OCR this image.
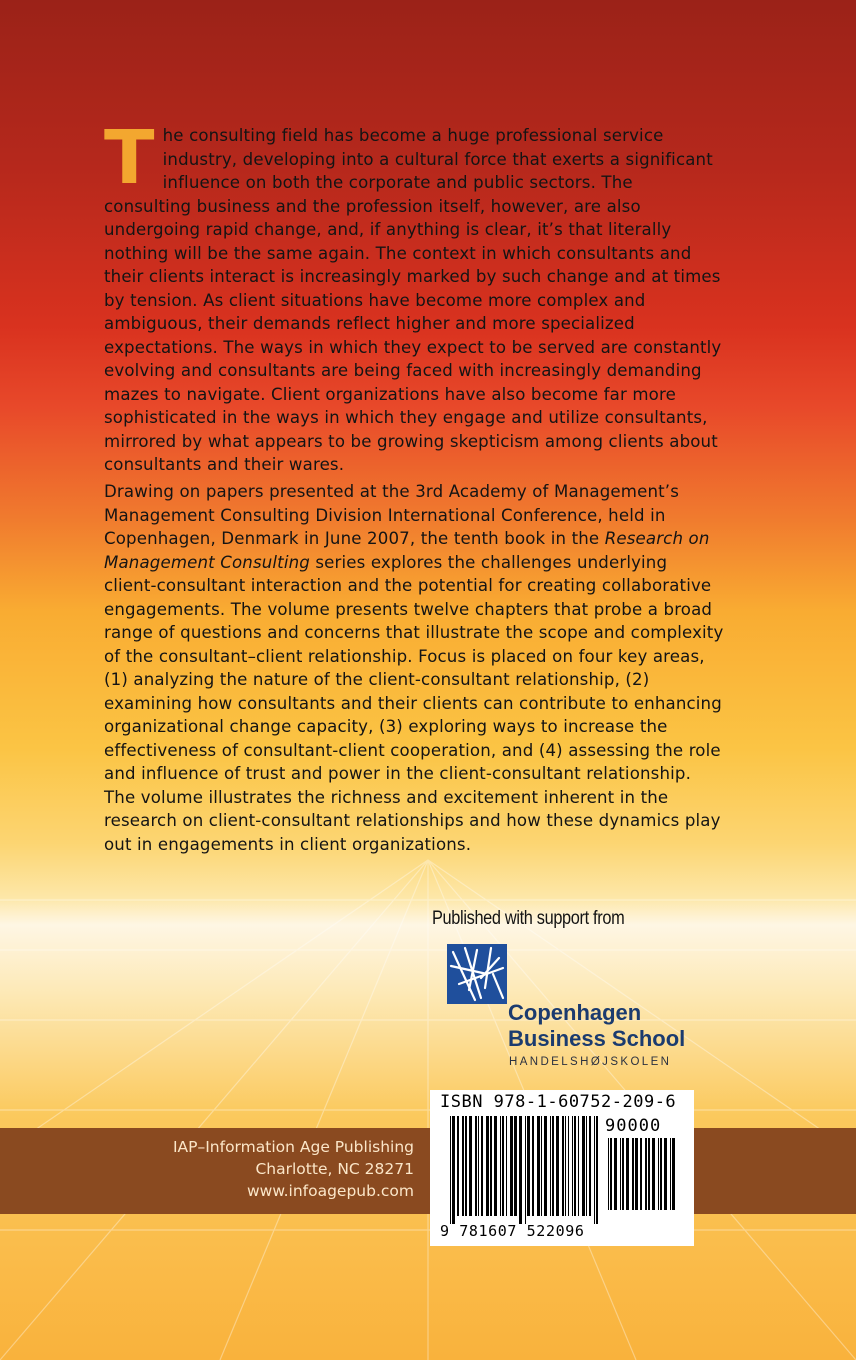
The consulting field has become a huge professional service industry, developing into a cultural force that exerts a significant influence on both the corporate and public sectors. The consulting business and the profession itself, however, are also undergoing rapid change, and, if anything is clear, it’s that literally nothing will be the same again. The context in which consultants and their clients interact is increasingly marked by such change and at times by tension. As client situations have become more complex and ambiguous, their demands reflect higher and more specialized expectations. The ways in which they expect to be served are constantly evolving and consultants are being faced with increasingly demanding mazes to navigate. Client organizations have also become far more sophisticated in the ways in which they engage and utilize consultants, mirrored by what appears to be growing skepticism among clients about consultants and their wares.
Drawing on papers presented at the 3rd Academy of Management’s Management Consulting Division International Conference, held in Copenhagen, Denmark in June 2007, the tenth book in the Research on Management Consulting series explores the challenges underlying client-consultant interaction and the potential for creating collaborative engagements. The volume presents twelve chapters that probe a broad range of questions and concerns that illustrate the scope and complexity of the consultant–client relationship. Focus is placed on four key areas, (1) analyzing the nature of the client-consultant relationship, (2) examining how consultants and their clients can contribute to enhancing organizational change capacity, (3) exploring ways to increase the effectiveness of consultant-client cooperation, and (4) assessing the role and influence of trust and power in the client-consultant relationship. The volume illustrates the richness and excitement inherent in the research on client-consultant relationships and how these dynamics play out in engagements in client organizations.
Published with support from
Copenhagen
Business School
HANDELSHØJSKOLEN
IAP–Information Age Publishing
Charlotte, NC 28271
www.infoagepub.com
ISBN 978-1-60752-209-6
90000
9 781607 522096
